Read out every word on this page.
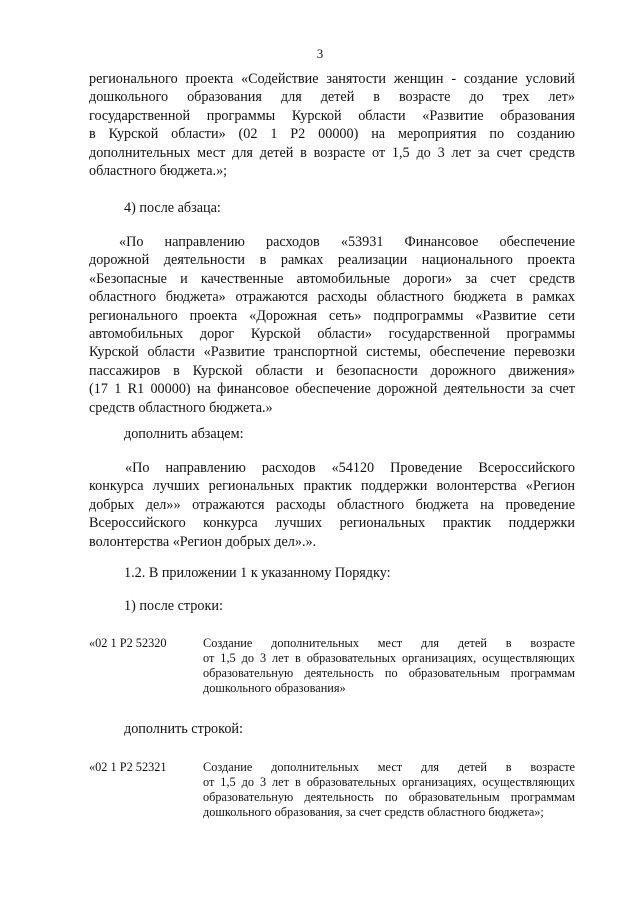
3
регионального проекта «Содействие занятости женщин - создание условий
дошкольного образования для детей в возрасте до трех лет»
государственной программы Курской области «Развитие образования
в Курской области» (02 1 Р2 00000) на мероприятия по созданию
дополнительных мест для детей в возрасте от 1,5 до 3 лет за счет средств
областного бюджета.»;
4) после абзаца:
«По направлению расходов «53931 Финансовое обеспечение
дорожной деятельности в рамках реализации национального проекта
«Безопасные и качественные автомобильные дороги» за счет средств
областного бюджета» отражаются расходы областного бюджета в рамках
регионального проекта «Дорожная сеть» подпрограммы «Развитие сети
автомобильных дорог Курской области» государственной программы
Курской области «Развитие транспортной системы, обеспечение перевозки
пассажиров в Курской области и безопасности дорожного движения»
(17 1 R1 00000) на финансовое обеспечение дорожной деятельности за счет
средств областного бюджета.»
дополнить абзацем:
«По направлению расходов «54120 Проведение Всероссийского
конкурса лучших региональных практик поддержки волонтерства «Регион
добрых дел»» отражаются расходы областного бюджета на проведение
Всероссийского конкурса лучших региональных практик поддержки
волонтерства «Регион добрых дел».».
1.2. В приложении 1 к указанному Порядку:
1) после строки:
«02 1 Р2 52320	Создание дополнительных мест для детей в возрасте
от 1,5 до 3 лет в образовательных организациях, осуществляющих
образовательную деятельность по образовательным программам
дошкольного образования»
дополнить строкой:
«02 1 Р2 52321	Создание дополнительных мест для детей в возрасте
от 1,5 до 3 лет в образовательных организациях, осуществляющих
образовательную деятельность по образовательным программам
дошкольного образования, за счет средств областного бюджета»;
